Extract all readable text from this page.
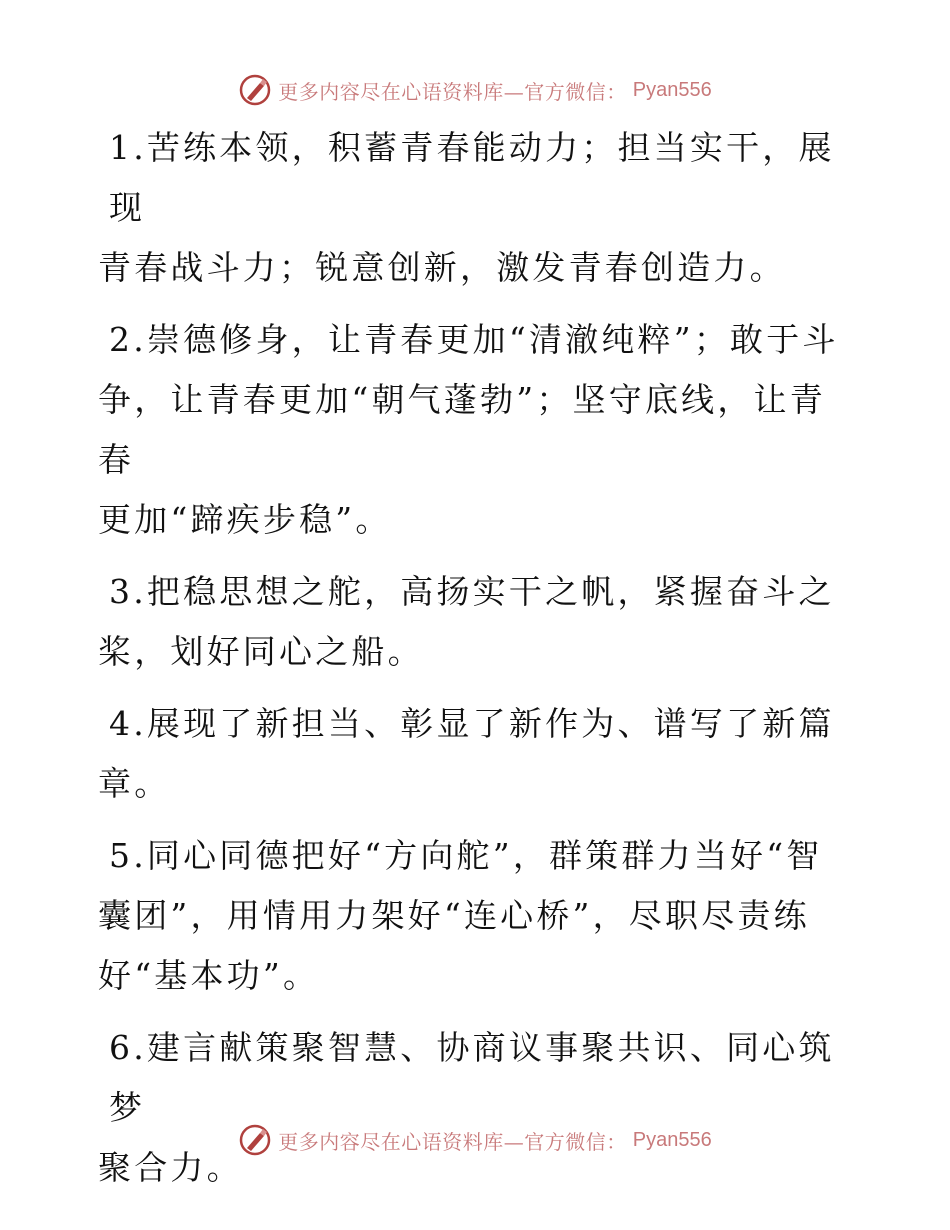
更多内容尽在心语资料库—官方微信： Pyan556

1.苦练本领，积蓄青春能动力；担当实干，展现
青春战斗力；锐意创新，激发青春创造力。

2.崇德修身，让青春更加“清澈纯粹”；敢于斗
争，让青春更加“朝气蓬勃”；坚守底线，让青春
更加“蹄疾步稳”。

3.把稳思想之舵，高扬实干之帆，紧握奋斗之
桨，划好同心之船。

4.展现了新担当、彰显了新作为、谱写了新篇
章。

5.同心同德把好“方向舵”，群策群力当好“智
囊团”，用情用力架好“连心桥”，尽职尽责练
好“基本功”。

6.建言献策聚智慧、协商议事聚共识、同心筑梦
聚合力。

更多内容尽在心语资料库—官方微信： Pyan556
